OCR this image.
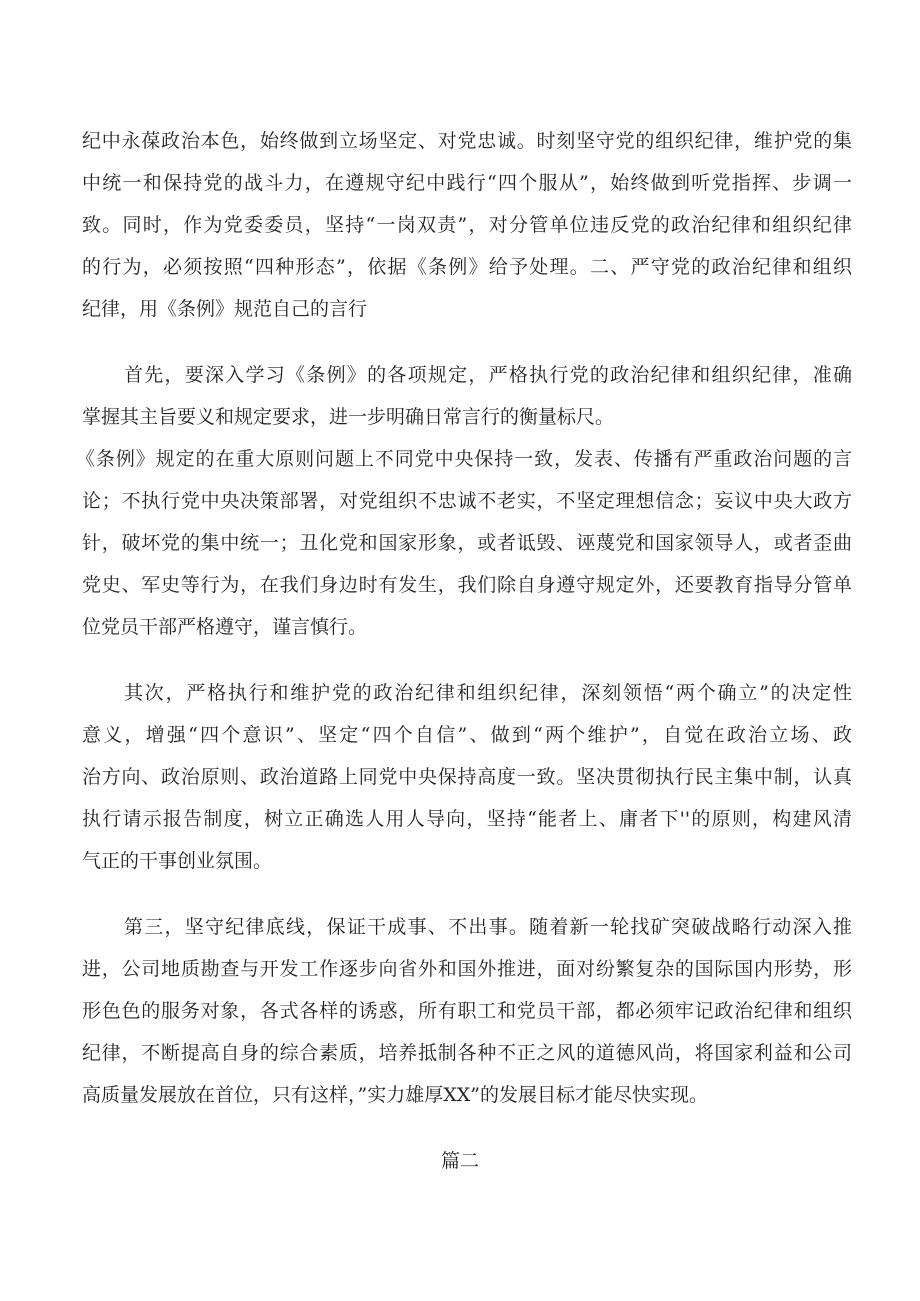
纪中永葆政治本色，始终做到立场坚定、对党忠诚。时刻坚守党的组织纪律，维护党的集
中统一和保持党的战斗力，在遵规守纪中践行“四个服从”，始终做到听党指挥、步调一
致。同时，作为党委委员，坚持“一岗双责”，对分管单位违反党的政治纪律和组织纪律
的行为，必须按照“四种形态”，依据《条例》给予处理。二、严守党的政治纪律和组织
纪律，用《条例》规范自己的言行
首先，要深入学习《条例》的各项规定，严格执行党的政治纪律和组织纪律，准确
掌握其主旨要义和规定要求，进一步明确日常言行的衡量标尺。
《条例》规定的在重大原则问题上不同党中央保持一致，发表、传播有严重政治问题的言
论；不执行党中央决策部署，对党组织不忠诚不老实，不坚定理想信念；妄议中央大政方
针，破坏党的集中统一；丑化党和国家形象，或者诋毁、诬蔑党和国家领导人，或者歪曲
党史、军史等行为，在我们身边时有发生，我们除自身遵守规定外，还要教育指导分管单
位党员干部严格遵守，谨言慎行。
其次，严格执行和维护党的政治纪律和组织纪律，深刻领悟“两个确立”的决定性
意义，增强“四个意识”、坚定“四个自信”、做到“两个维护”，自觉在政治立场、政
治方向、政治原则、政治道路上同党中央保持高度一致。坚决贯彻执行民主集中制，认真
执行请示报告制度，树立正确选人用人导向，坚持“能者上、庸者下''的原则，构建风清
气正的干事创业氛围。
第三，坚守纪律底线，保证干成事、不出事。随着新一轮找矿突破战略行动深入推
进，公司地质勘查与开发工作逐步向省外和国外推进，面对纷繁复杂的国际国内形势，形
形色色的服务对象，各式各样的诱惑，所有职工和党员干部，都必须牢记政治纪律和组织
纪律，不断提高自身的综合素质，培养抵制各种不正之风的道德风尚，将国家利益和公司
高质量发展放在首位，只有这样，”实力雄厚XX”的发展目标才能尽快实现。
篇二
